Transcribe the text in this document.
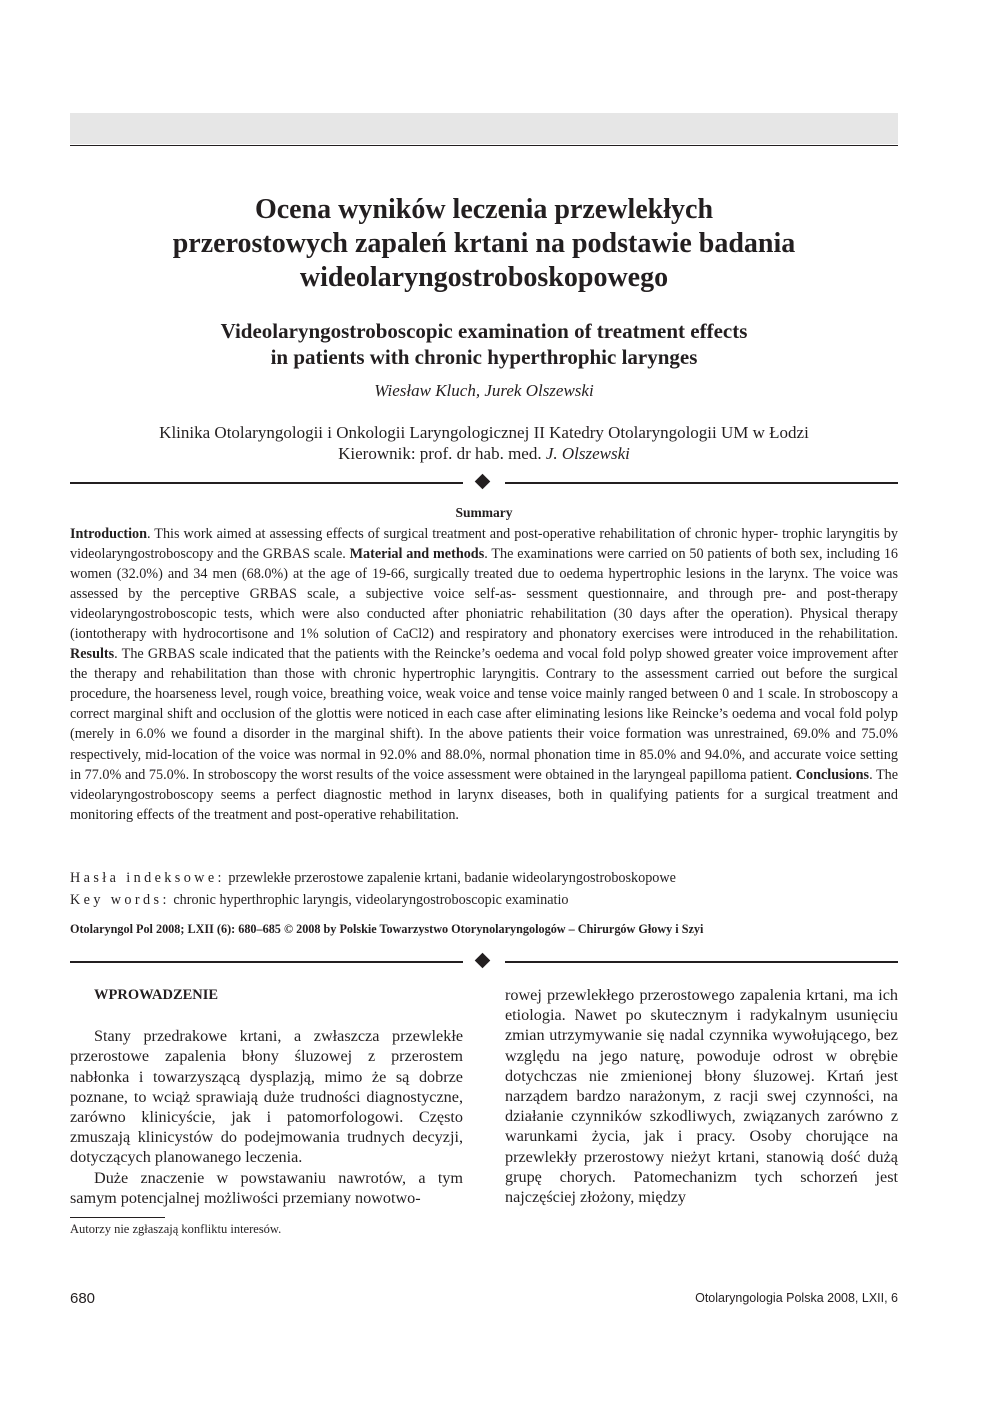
Ocena wyników leczenia przewlekłych
przerostowych zapaleń krtani na podstawie badania
wideolaryngostroboskopowego
Videolaryngostroboscopic examination of treatment effects
in patients with chronic hyperthrophic larynges
Wiesław Kluch, Jurek Olszewski
Klinika Otolaryngologii i Onkologii Laryngologicznej II Katedry Otolaryngologii UM w Łodzi
Kierownik: prof. dr hab. med. J. Olszewski
Summary
Introduction. This work aimed at assessing effects of surgical treatment and post-operative rehabilitation of chronic hyper- trophic laryngitis by videolaryngostroboscopy and the GRBAS scale. Material and methods. The examinations were carried on 50 patients of both sex, including 16 women (32.0%) and 34 men (68.0%) at the age of 19-66, surgically treated due to oedema hypertrophic lesions in the larynx. The voice was assessed by the perceptive GRBAS scale, a subjective voice self-as- sessment questionnaire, and through pre- and post-therapy videolaryngostroboscopic tests, which were also conducted after phoniatric rehabilitation (30 days after the operation). Physical therapy (iontotherapy with hydrocortisone and 1% solution of CaCl2) and respiratory and phonatory exercises were introduced in the rehabilitation. Results. The GRBAS scale indicated that the patients with the Reincke’s oedema and vocal fold polyp showed greater voice improvement after the therapy and rehabilitation than those with chronic hypertrophic laryngitis. Contrary to the assessment carried out before the surgical procedure, the hoarseness level, rough voice, breathing voice, weak voice and tense voice mainly ranged between 0 and 1 scale. In stroboscopy a correct marginal shift and occlusion of the glottis were noticed in each case after eliminating lesions like Reincke’s oedema and vocal fold polyp (merely in 6.0% we found a disorder in the marginal shift). In the above patients their voice formation was unrestrained, 69.0% and 75.0% respectively, mid-location of the voice was normal in 92.0% and 88.0%, normal phonation time in 85.0% and 94.0%, and accurate voice setting in 77.0% and 75.0%. In stroboscopy the worst results of the voice assessment were obtained in the laryngeal papilloma patient. Conclusions. The videolaryngostroboscopy seems a perfect diagnostic method in larynx diseases, both in qualifying patients for a surgical treatment and monitoring effects of the treatment and post-operative rehabilitation.
Hasła indeksowe: przewlekłe przerostowe zapalenie krtani, badanie wideolaryngostroboskopowe
Key words: chronic hyperthrophic laryngis, videolaryngostroboscopic examinatio
Otolaryngol Pol 2008; LXII (6): 680–685 © 2008 by Polskie Towarzystwo Otorynolaryngologów – Chirurgów Głowy i Szyi
WPROWADZENIE

Stany przedrakowe krtani, a zwłaszcza przewlekłe przerostowe zapalenia błony śluzowej z przerostem nabłonka i towarzyszącą dysplazją, mimo że są dobrze poznane, to wciąż sprawiają duże trudności diagnostyczne, zarówno klinicyście, jak i patomorfologowi. Często zmuszają klinicystów do podejmowania trudnych decyzji, dotyczących planowanego leczenia.

Duże znaczenie w powstawaniu nawrotów, a tym samym potencjalnej możliwości przemiany nowotwo-

rowej przewlekłego przerostowego zapalenia krtani, ma ich etiologia. Nawet po skutecznym i radykalnym usunięciu zmian utrzymywanie się nadal czynnika wywołującego, bez względu na jego naturę, powoduje odrost w obrębie dotychczas nie zmienionej błony śluzowej. Krtań jest narządem bardzo narażonym, z racji swej czynności, na działanie czynników szkodliwych, związanych zarówno z warunkami życia, jak i pracy. Osoby chorujące na przewlekły przerostowy nieżyt krtani, stanowią dość dużą grupę chorych. Patomechanizm tych schorzeń jest najczęściej złożony, między

Autorzy nie zgłaszają konfliktu interesów.
680	Otolaryngologia Polska 2008, LXII, 6
